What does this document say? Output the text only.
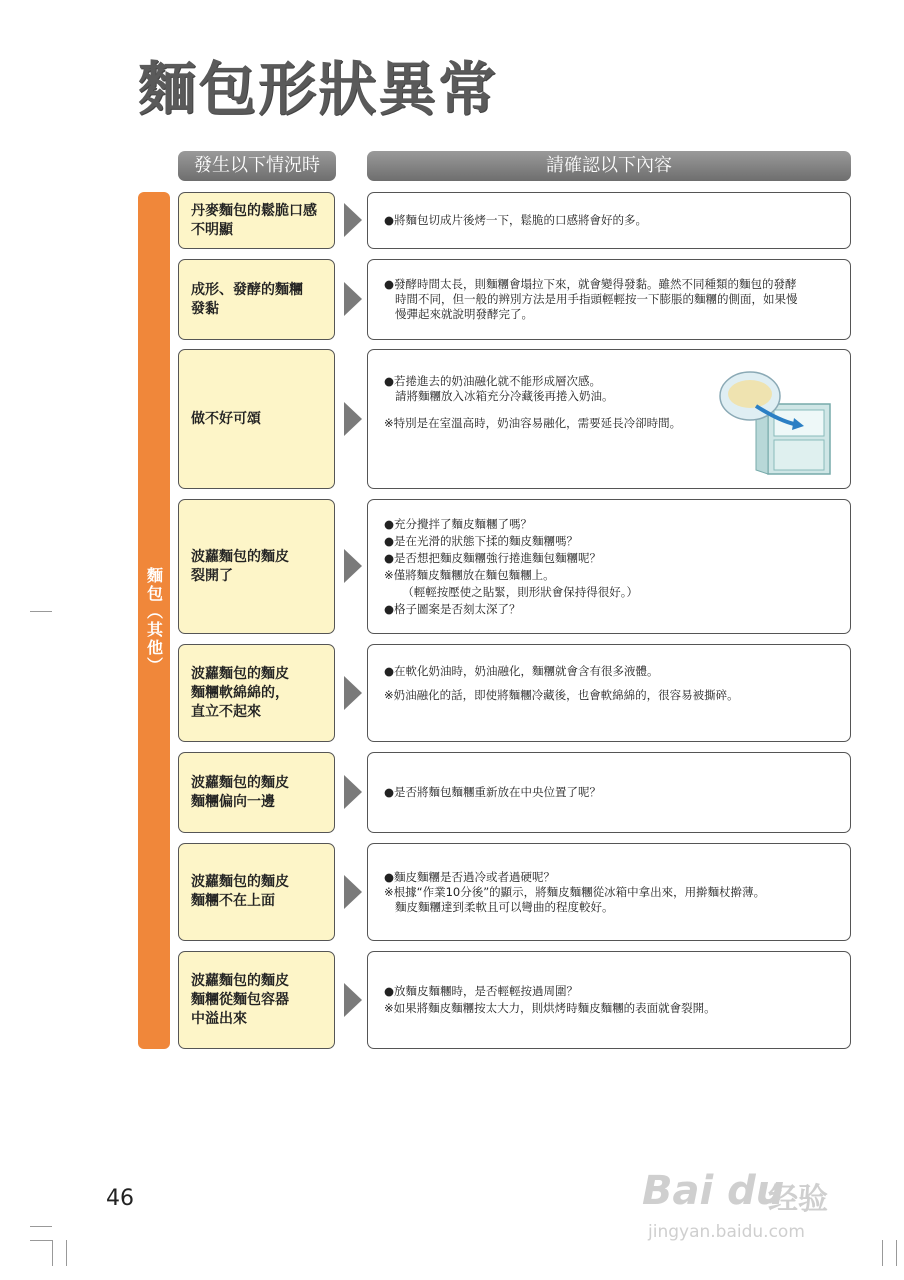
麵包形狀異常
發生以下情況時	請確認以下內容
麵包（其他）
丹麥麵包的鬆脆口感
不明顯
●將麵包切成片後烤一下，鬆脆的口感將會好的多。
成形、發酵的麵糰
發黏
●發酵時間太長，則麵糰會塌拉下來，就會變得發黏。雖然不同種類的麵包的發酵
時間不同，但一般的辨別方法是用手指頭輕輕按一下膨脹的麵糰的側面，如果慢
慢彈起來就說明發酵完了。
做不好可頌
●若捲進去的奶油融化就不能形成層次感。
請將麵糰放入冰箱充分冷藏後再捲入奶油。
※特別是在室溫高時，奶油容易融化，需要延長冷卻時間。
波蘿麵包的麵皮
裂開了
●充分攪拌了麵皮麵糰了嗎？
●是在光滑的狀態下揉的麵皮麵糰嗎？
●是否想把麵皮麵糰強行捲進麵包麵糰呢？
※僅將麵皮麵糰放在麵包麵糰上。
（輕輕按壓使之貼緊，則形狀會保持得很好。）
●格子圖案是否刻太深了？
波蘿麵包的麵皮
麵糰軟綿綿的，
直立不起來
●在軟化奶油時，奶油融化，麵糰就會含有很多液體。
※奶油融化的話，即使將麵糰冷藏後，也會軟綿綿的，很容易被撕碎。
波蘿麵包的麵皮
麵糰偏向一邊
●是否將麵包麵糰重新放在中央位置了呢？
波蘿麵包的麵皮
麵糰不在上面
●麵皮麵糰是否過冷或者過硬呢？
※根據“作業10分後”的顯示，將麵皮麵糰從冰箱中拿出來，用擀麵杖擀薄。
麵皮麵糰達到柔軟且可以彎曲的程度較好。
波蘿麵包的麵皮
麵糰從麵包容器
中溢出來
●放麵皮麵糰時，是否輕輕按過周圍？
※如果將麵皮麵糰按太大力，則烘烤時麵皮麵糰的表面就會裂開。
46	Bai du
经验
jingyan.baidu.com
